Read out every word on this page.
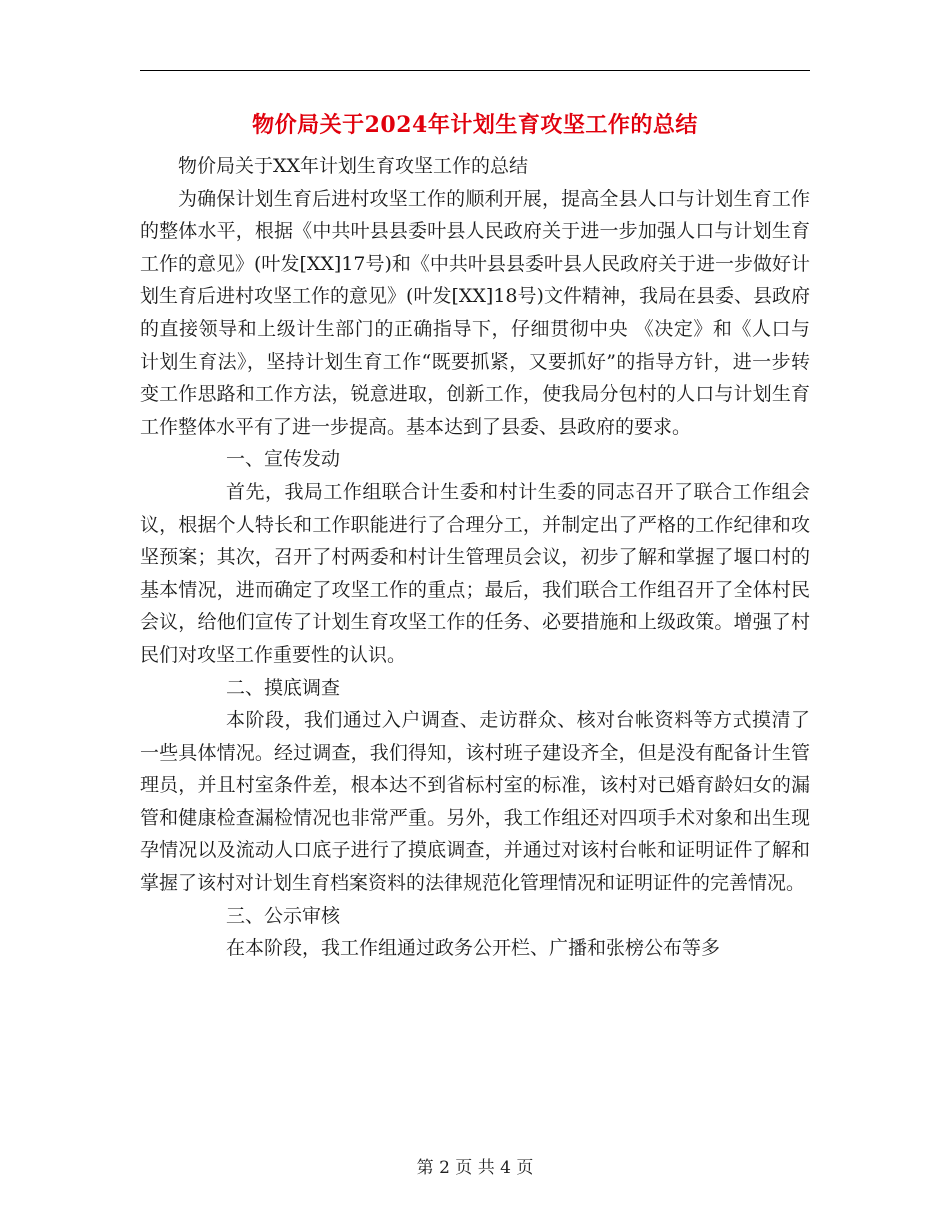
物价局关于2024年计划生育攻坚工作的总结

物价局关于XX年计划生育攻坚工作的总结

为确保计划生育后进村攻坚工作的顺利开展，提高全县人口与计划生育工作的整体水平，根据《中共叶县县委叶县人民政府关于进一步加强人口与计划生育工作的意见》(叶发[XX]17号)和《中共叶县县委叶县人民政府关于进一步做好计划生育后进村攻坚工作的意见》(叶发[XX]18号)文件精神，我局在县委、县政府的直接领导和上级计生部门的正确指导下，仔细贯彻中央 《决定》和《人口与计划生育法》，坚持计划生育工作“既要抓紧，又要抓好”的指导方针，进一步转变工作思路和工作方法，锐意进取，创新工作，使我局分包村的人口与计划生育工作整体水平有了进一步提高。基本达到了县委、县政府的要求。

一、宣传发动

首先，我局工作组联合计生委和村计生委的同志召开了联合工作组会议，根据个人特长和工作职能进行了合理分工，并制定出了严格的工作纪律和攻坚预案；其次，召开了村两委和村计生管理员会议，初步了解和掌握了堰口村的基本情况，进而确定了攻坚工作的重点；最后，我们联合工作组召开了全体村民会议，给他们宣传了计划生育攻坚工作的任务、必要措施和上级政策。增强了村民们对攻坚工作重要性的认识。

二、摸底调查

本阶段，我们通过入户调查、走访群众、核对台帐资料等方式摸清了一些具体情况。经过调查，我们得知，该村班子建设齐全，但是没有配备计生管理员，并且村室条件差，根本达不到省标村室的标准，该村对已婚育龄妇女的漏管和健康检查漏检情况也非常严重。另外，我工作组还对四项手术对象和出生现孕情况以及流动人口底子进行了摸底调查，并通过对该村台帐和证明证件了解和掌握了该村对计划生育档案资料的法律规范化管理情况和证明证件的完善情况。

三、公示审核

在本阶段，我工作组通过政务公开栏、广播和张榜公布等多

第 2 页 共 4 页
